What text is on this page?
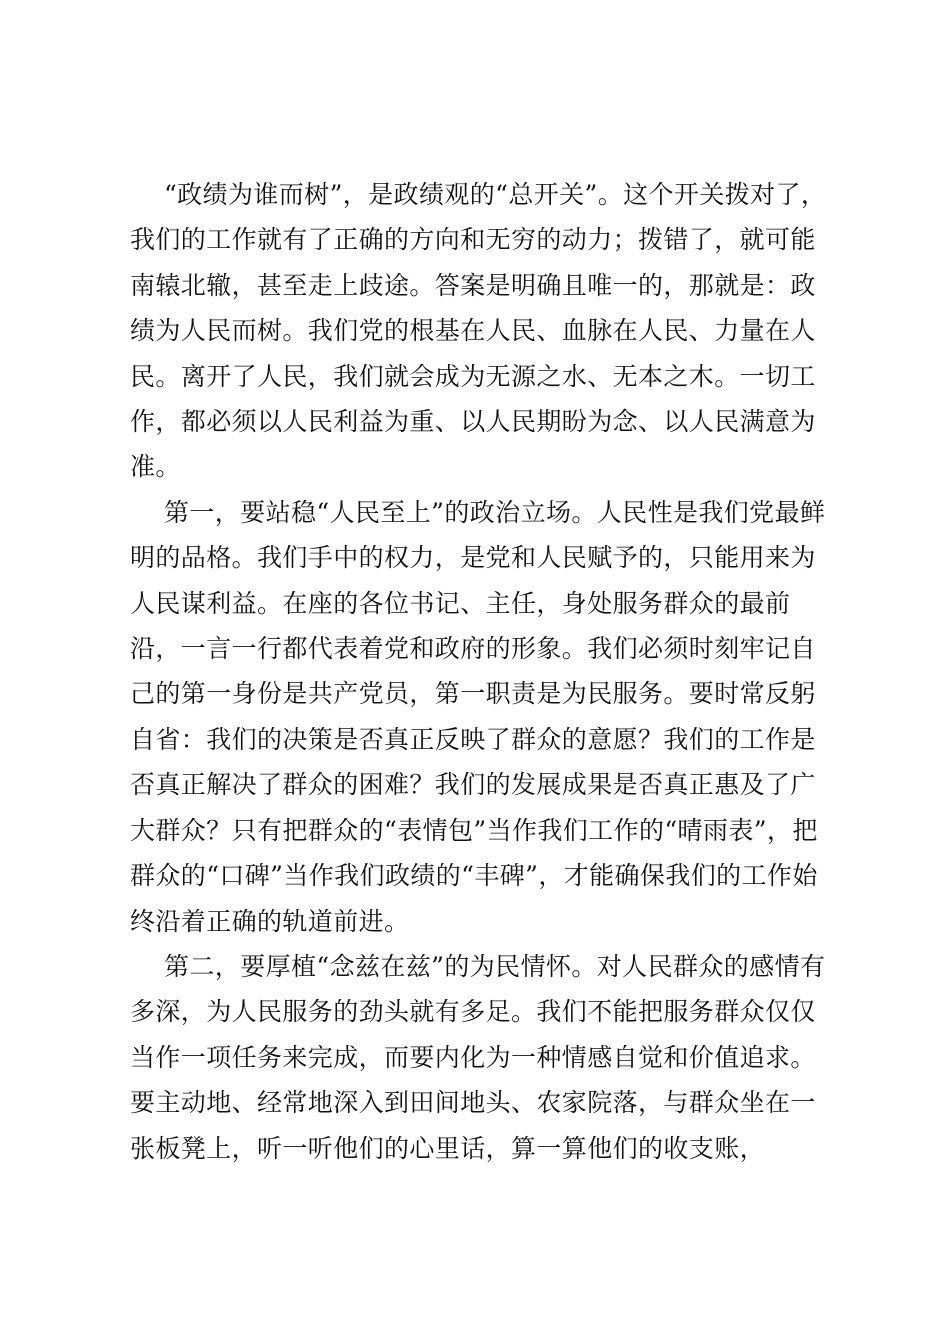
“政绩为谁而树”，是政绩观的“总开关”。这个开关拨对了，我们的工作就有了正确的方向和无穷的动力；拨错了，就可能南辕北辙，甚至走上歧途。答案是明确且唯一的，那就是：政绩为人民而树。我们党的根基在人民、血脉在人民、力量在人民。离开了人民，我们就会成为无源之水、无本之木。一切工作，都必须以人民利益为重、以人民期盼为念、以人民满意为准。

第一，要站稳“人民至上”的政治立场。人民性是我们党最鲜明的品格。我们手中的权力，是党和人民赋予的，只能用来为人民谋利益。在座的各位书记、主任，身处服务群众的最前沿，一言一行都代表着党和政府的形象。我们必须时刻牢记自己的第一身份是共产党员，第一职责是为民服务。要时常反躬自省：我们的决策是否真正反映了群众的意愿？我们的工作是否真正解决了群众的困难？我们的发展成果是否真正惠及了广大群众？只有把群众的“表情包”当作我们工作的“晴雨表”，把群众的“口碑”当作我们政绩的“丰碑”，才能确保我们的工作始终沿着正确的轨道前进。

第二，要厚植“念兹在兹”的为民情怀。对人民群众的感情有多深，为人民服务的劲头就有多足。我们不能把服务群众仅仅当作一项任务来完成，而要内化为一种情感自觉和价值追求。要主动地、经常地深入到田间地头、农家院落，与群众坐在一张板凳上，听一听他们的心里话，算一算他们的收支账，
